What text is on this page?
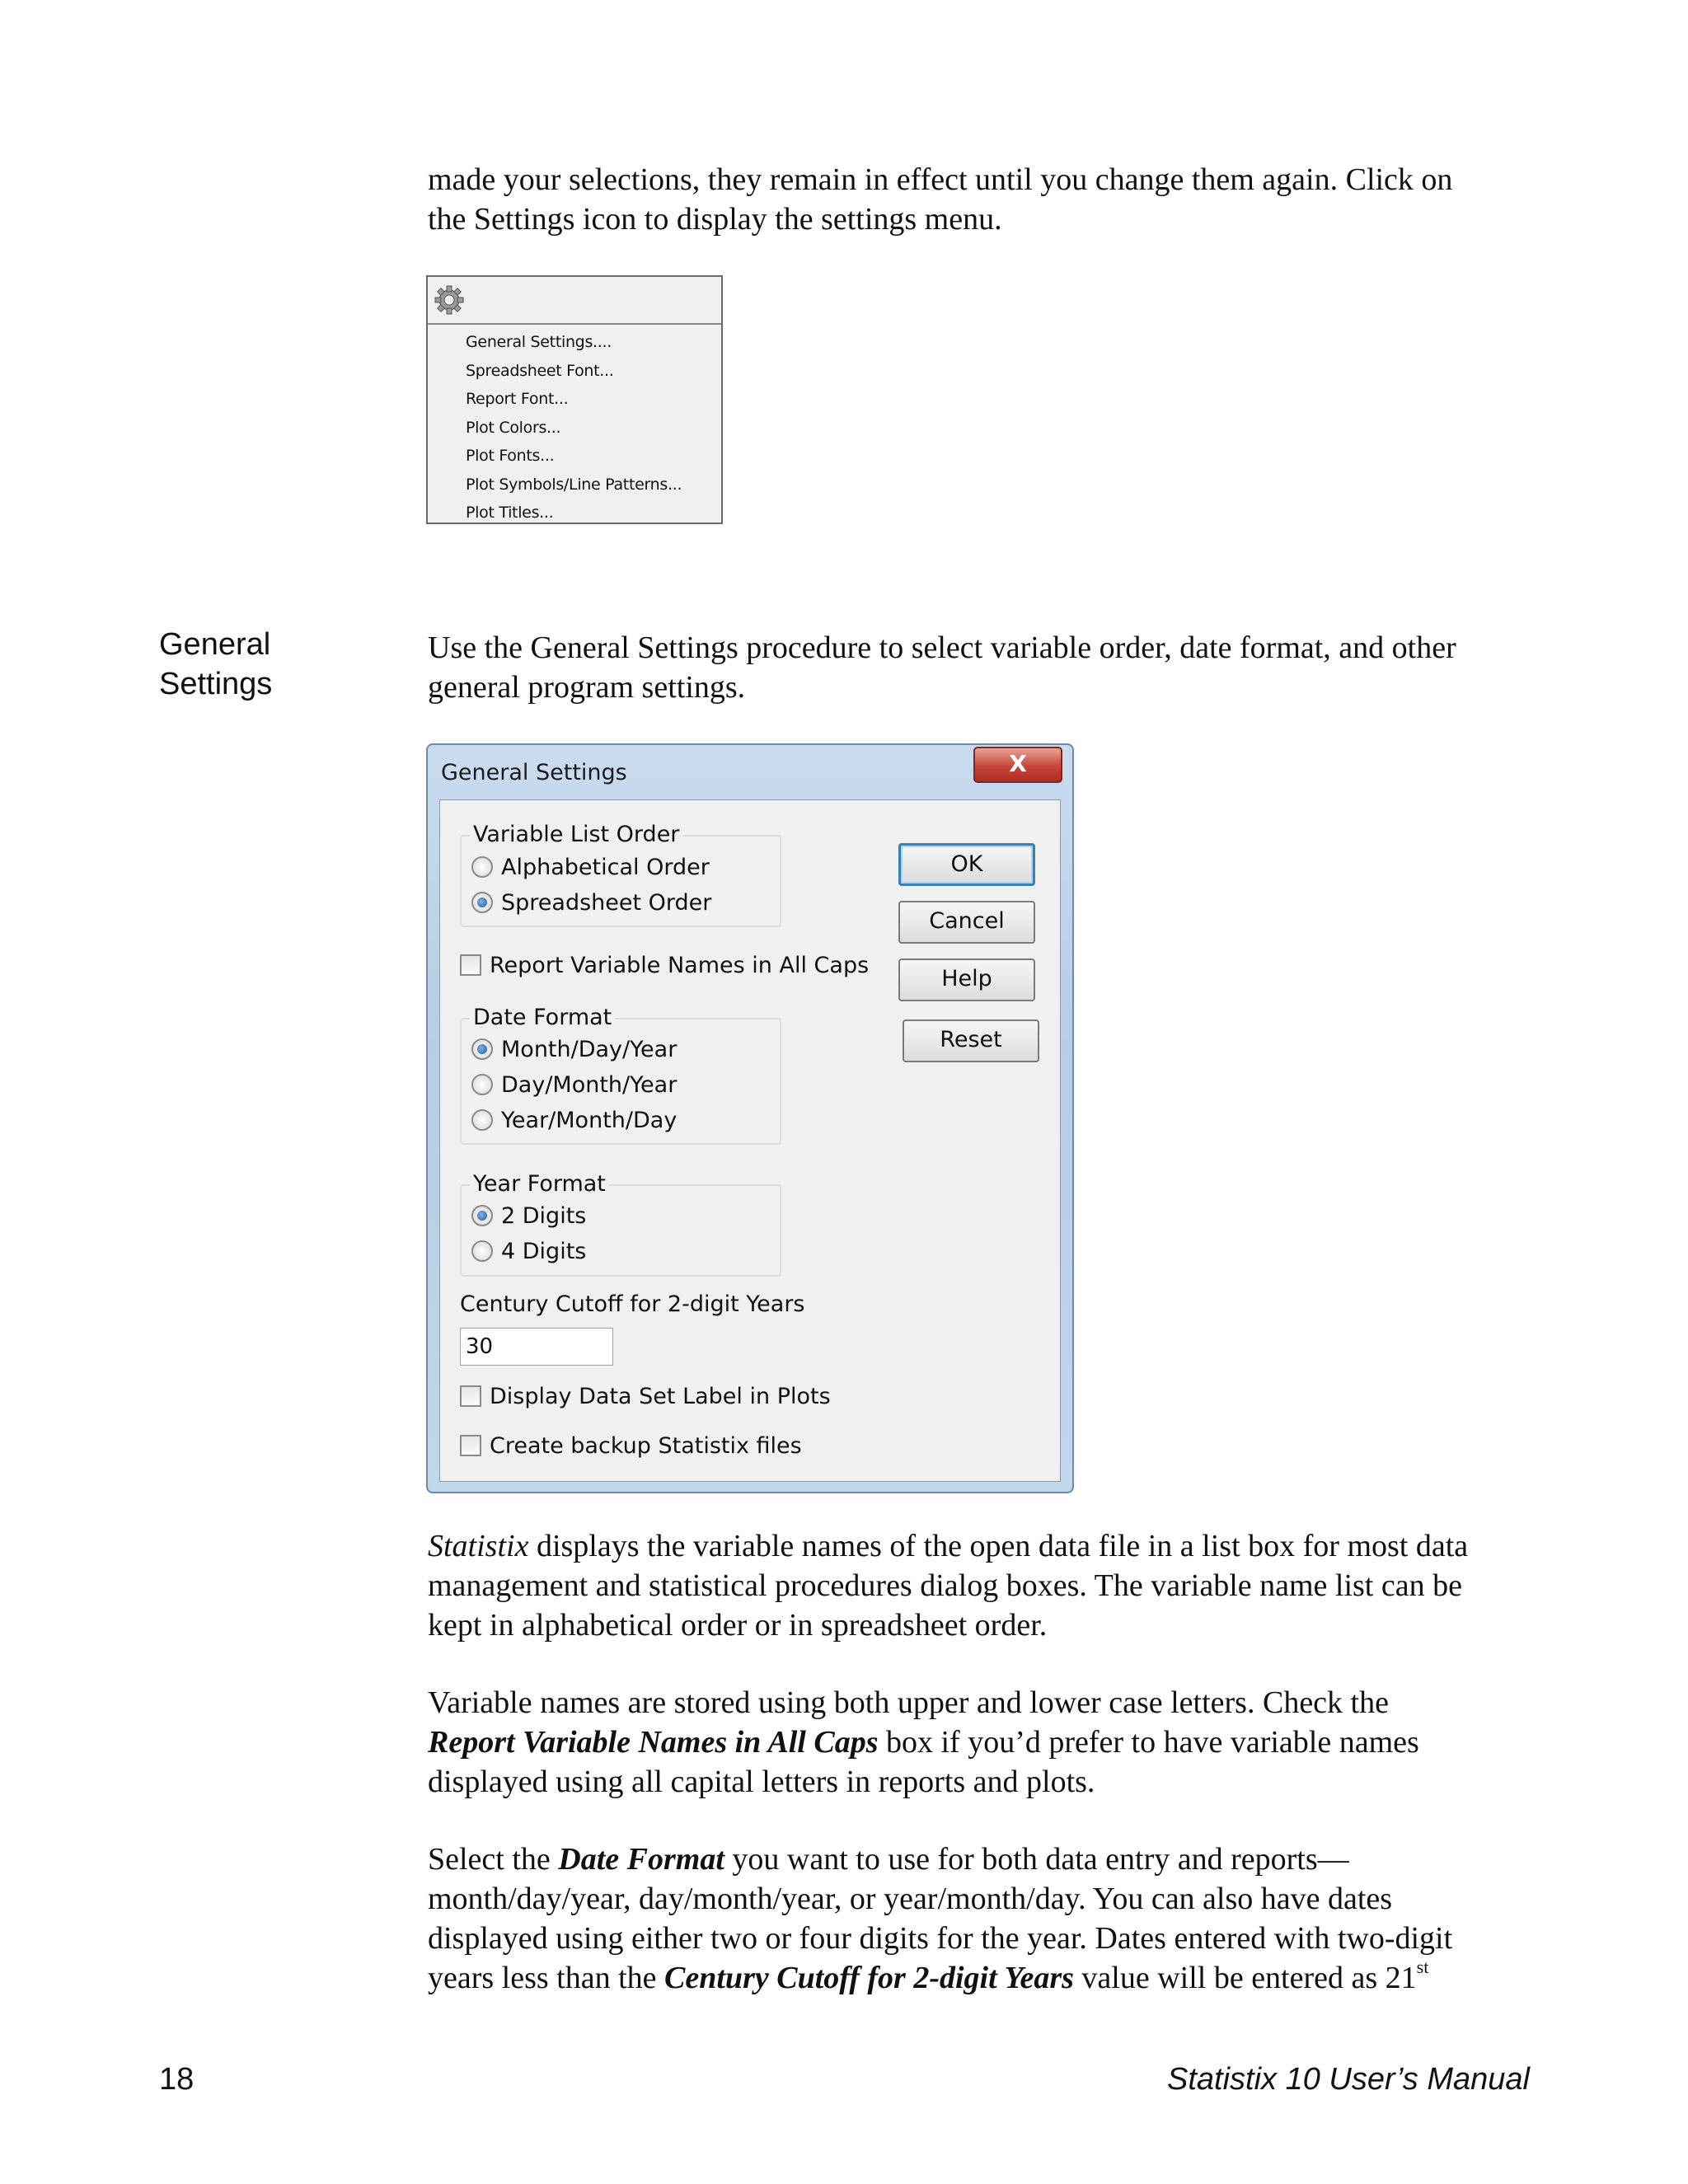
made your selections, they remain in effect until you change them again. Click on
the Settings icon to display the settings menu.

General Settings....
Spreadsheet Font...
Report Font...
Plot Colors...
Plot Fonts...
Plot Symbols/Line Patterns...
Plot Titles...
General
Settings

Use the General Settings procedure to select variable order, date format, and other
general program settings.

General Settings	X
Variable List Order
Alphabetical Order
Spreadsheet Order
Report Variable Names in All Caps
Date Format
Month/Day/Year
Day/Month/Year
Year/Month/Day
Year Format
2 Digits
4 Digits
Century Cutoff for 2-digit Years
30
Display Data Set Label in Plots
Create backup Statistix files
OK
Cancel
Help
Reset

Statistix displays the variable names of the open data file in a list box for most data
management and statistical procedures dialog boxes. The variable name list can be
kept in alphabetical order or in spreadsheet order.

Variable names are stored using both upper and lower case letters. Check the
Report Variable Names in All Caps box if you’d prefer to have variable names
displayed using all capital letters in reports and plots.

Select the Date Format you want to use for both data entry and reports—
month/day/year, day/month/year, or year/month/day. You can also have dates
displayed using either two or four digits for the year. Dates entered with two-digit
years less than the Century Cutoff for 2-digit Years value will be entered as 21st

18	Statistix 10 User’s Manual
